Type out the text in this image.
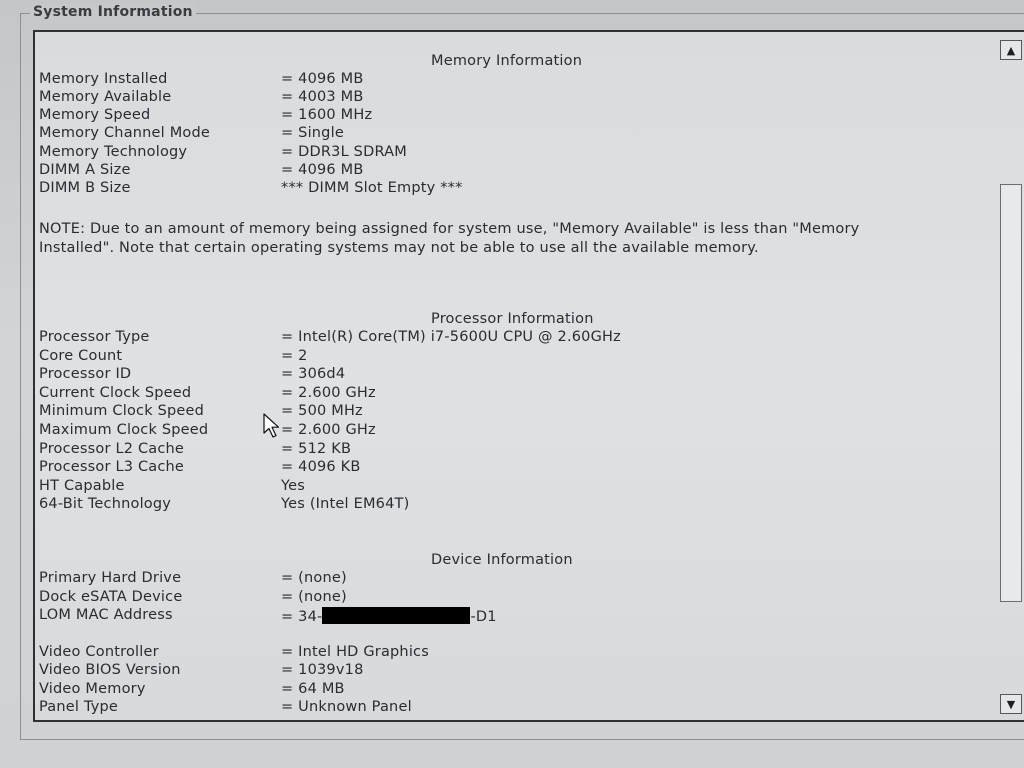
System Information
Memory Information
Memory Installed	= 4096 MB
Memory Available	= 4003 MB
Memory Speed	= 1600 MHz
Memory Channel Mode	= Single
Memory Technology	= DDR3L SDRAM
DIMM A Size	= 4096 MB
DIMM B Size	*** DIMM Slot Empty ***
NOTE: Due to an amount of memory being assigned for system use, "Memory Available" is less than "Memory Installed". Note that certain operating systems may not be able to use all the available memory.
Processor Information
Processor Type	= Intel(R) Core(TM) i7-5600U CPU @ 2.60GHz
Core Count	= 2
Processor ID	= 306d4
Current Clock Speed	= 2.600 GHz
Minimum Clock Speed	= 500 MHz
Maximum Clock Speed	= 2.600 GHz
Processor L2 Cache	= 512 KB
Processor L3 Cache	= 4096 KB
HT Capable	Yes
64-Bit Technology	Yes (Intel EM64T)
Device Information
Primary Hard Drive	= (none)
Dock eSATA Device	= (none)
LOM MAC Address	= 34-	-D1
Video Controller	= Intel HD Graphics
Video BIOS Version	= 1039v18
Video Memory	= 64 MB
Panel Type	= Unknown Panel
▲
▼
